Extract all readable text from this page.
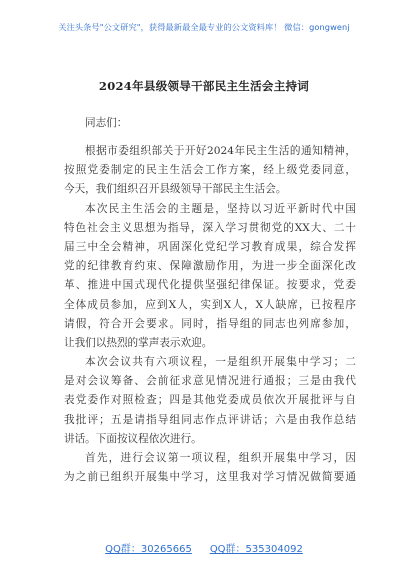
关注头条号"公文研究"，获得最新最全最专业的公文资料库！ 微信：gongwenj
2024年县级领导干部民主生活会主持词
同志们：
根据市委组织部关于开好2024年民主生活的通知精神，
按照党委制定的民主生活会工作方案，经上级党委同意，
今天，我们组织召开县级领导干部民主生活会。
本次民主生活会的主题是，坚持以习近平新时代中国
特色社会主义思想为指导，深入学习贯彻党的XX大、二十
届三中全会精神，巩固深化党纪学习教育成果，综合发挥
党的纪律教育约束、保障激励作用，为进一步全面深化改
革、推进中国式现代化提供坚强纪律保证。按要求，党委
全体成员参加，应到X人，实到X人，X人缺席，已按程序
请假，符合开会要求。同时，指导组的同志也列席参加，
让我们以热烈的掌声表示欢迎。
本次会议共有六项议程，一是组织开展集中学习；二
是对会议筹备、会前征求意见情况进行通报；三是由我代
表党委作对照检查；四是其他党委成员依次开展批评与自
我批评；五是请指导组同志作点评讲话；六是由我作总结
讲话。下面按议程依次进行。
首先，进行会议第一项议程，组织开展集中学习，因
为之前已组织开展集中学习，这里我对学习情况做简要通
QQ群：30265665 QQ群：535304092
